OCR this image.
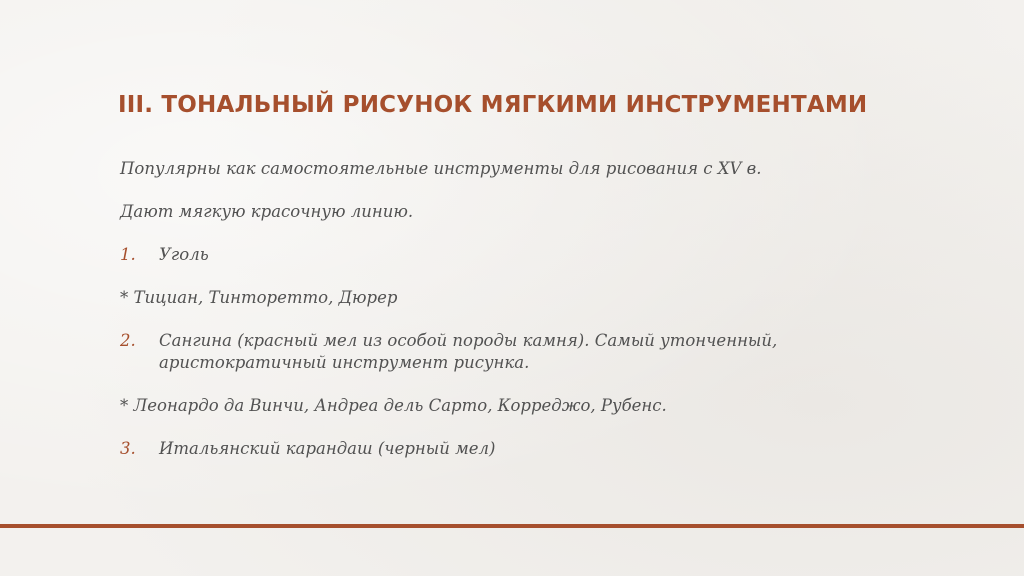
III. ТОНАЛЬНЫЙ РИСУНОК МЯГКИМИ ИНСТРУМЕНТАМИ

Популярны как самостоятельные инструменты для рисования с XV в.

Дают мягкую красочную линию.

1.	Уголь

* Тициан, Тинторетто, Дюрер

2.	Сангина (красный мел из особой породы камня). Самый утонченный, аристократичный инструмент рисунка.

* Леонардо да Винчи, Андреа дель Сарто, Корреджо, Рубенс.

3.	Итальянский карандаш (черный мел)
